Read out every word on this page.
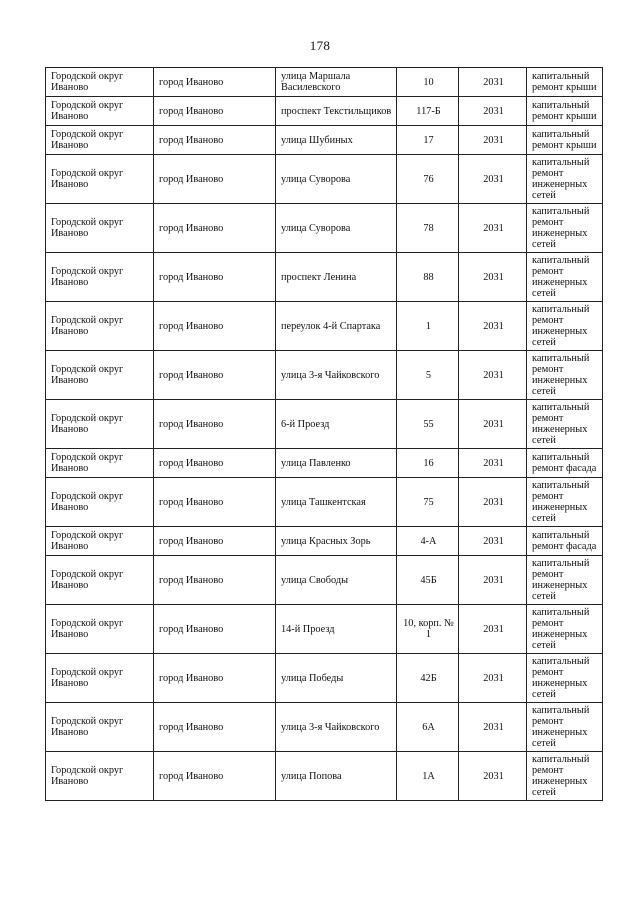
178
Городской округ Иваново	город Иваново	улица Маршала Василевского	10	2031	капитальный ремонт крыши
Городской округ Иваново	город Иваново	проспект Текстильщиков	117-Б	2031	капитальный ремонт крыши
Городской округ Иваново	город Иваново	улица Шубиных	17	2031	капитальный ремонт крыши
Городской округ Иваново	город Иваново	улица Суворова	76	2031	капитальный ремонт инженерных сетей
Городской округ Иваново	город Иваново	улица Суворова	78	2031	капитальный ремонт инженерных сетей
Городской округ Иваново	город Иваново	проспект Ленина	88	2031	капитальный ремонт инженерных сетей
Городской округ Иваново	город Иваново	переулок 4-й Спартака	1	2031	капитальный ремонт инженерных сетей
Городской округ Иваново	город Иваново	улица 3-я Чайковского	5	2031	капитальный ремонт инженерных сетей
Городской округ Иваново	город Иваново	6-й Проезд	55	2031	капитальный ремонт инженерных сетей
Городской округ Иваново	город Иваново	улица Павленко	16	2031	капитальный ремонт фасада
Городской округ Иваново	город Иваново	улица Ташкентская	75	2031	капитальный ремонт инженерных сетей
Городской округ Иваново	город Иваново	улица Красных Зорь	4-А	2031	капитальный ремонт фасада
Городской округ Иваново	город Иваново	улица Свободы	45Б	2031	капитальный ремонт инженерных сетей
Городской округ Иваново	город Иваново	14-й Проезд	10, корп. № 1	2031	капитальный ремонт инженерных сетей
Городской округ Иваново	город Иваново	улица Победы	42Б	2031	капитальный ремонт инженерных сетей
Городской округ Иваново	город Иваново	улица 3-я Чайковского	6А	2031	капитальный ремонт инженерных сетей
Городской округ Иваново	город Иваново	улица Попова	1А	2031	капитальный ремонт инженерных сетей
